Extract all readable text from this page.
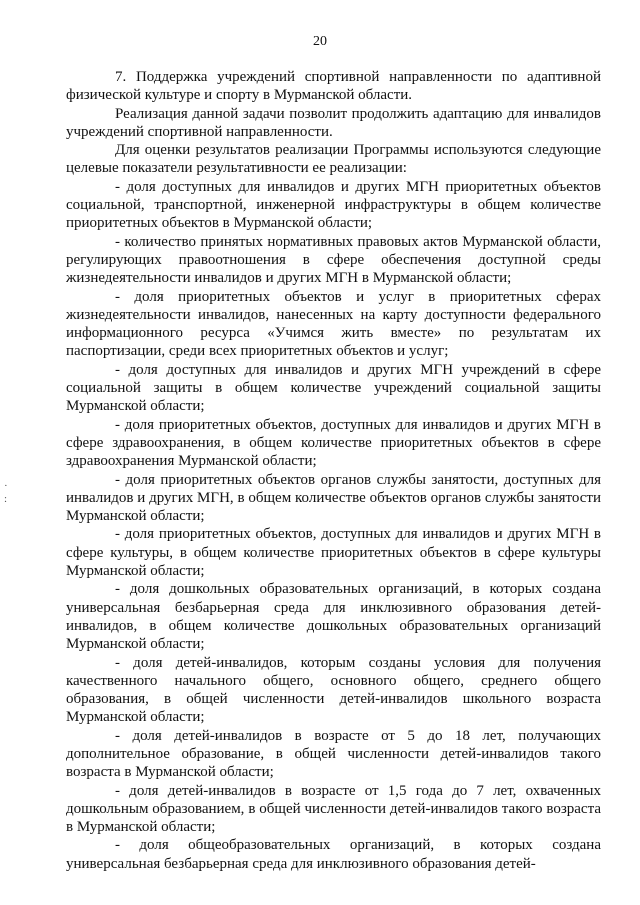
20
·
:

7. Поддержка учреждений спортивной направленности по адаптивной физической культуре и спорту в Мурманской области.

Реализация данной задачи позволит продолжить адаптацию для инвалидов учреждений спортивной направленности.

Для оценки результатов реализации Программы используются следующие целевые показатели результативности ее реализации:

- доля доступных для инвалидов и других МГН приоритетных объектов социальной, транспортной, инженерной инфраструктуры в общем количестве приоритетных объектов в Мурманской области;

- количество принятых нормативных правовых актов Мурманской области, регулирующих правоотношения в сфере обеспечения доступной среды жизнедеятельности инвалидов и других МГН в Мурманской области;

- доля приоритетных объектов и услуг в приоритетных сферах жизнедеятельности инвалидов, нанесенных на карту доступности федерального информационного ресурса «Учимся жить вместе» по результатам их паспортизации, среди всех приоритетных объектов и услуг;

- доля доступных для инвалидов и других МГН учреждений в сфере социальной защиты в общем количестве учреждений социальной защиты Мурманской области;

- доля приоритетных объектов, доступных для инвалидов и других МГН в сфере здравоохранения, в общем количестве приоритетных объектов в сфере здравоохранения Мурманской области;

- доля приоритетных объектов органов службы занятости, доступных для инвалидов и других МГН, в общем количестве объектов органов службы занятости Мурманской области;

- доля приоритетных объектов, доступных для инвалидов и других МГН в сфере культуры, в общем количестве приоритетных объектов в сфере культуры Мурманской области;

- доля дошкольных образовательных организаций, в которых создана универсальная безбарьерная среда для инклюзивного образования детей-инвалидов, в общем количестве дошкольных образовательных организаций Мурманской области;

- доля детей-инвалидов, которым созданы условия для получения качественного начального общего, основного общего, среднего общего образования, в общей численности детей-инвалидов школьного возраста Мурманской области;

- доля детей-инвалидов в возрасте от 5 до 18 лет, получающих дополнительное образование, в общей численности детей-инвалидов такого возраста в Мурманской области;

- доля детей-инвалидов в возрасте от 1,5 года до 7 лет, охваченных дошкольным образованием, в общей численности детей-инвалидов такого возраста в Мурманской области;

- доля общеобразовательных организаций, в которых создана универсальная безбарьерная среда для инклюзивного образования детей-
